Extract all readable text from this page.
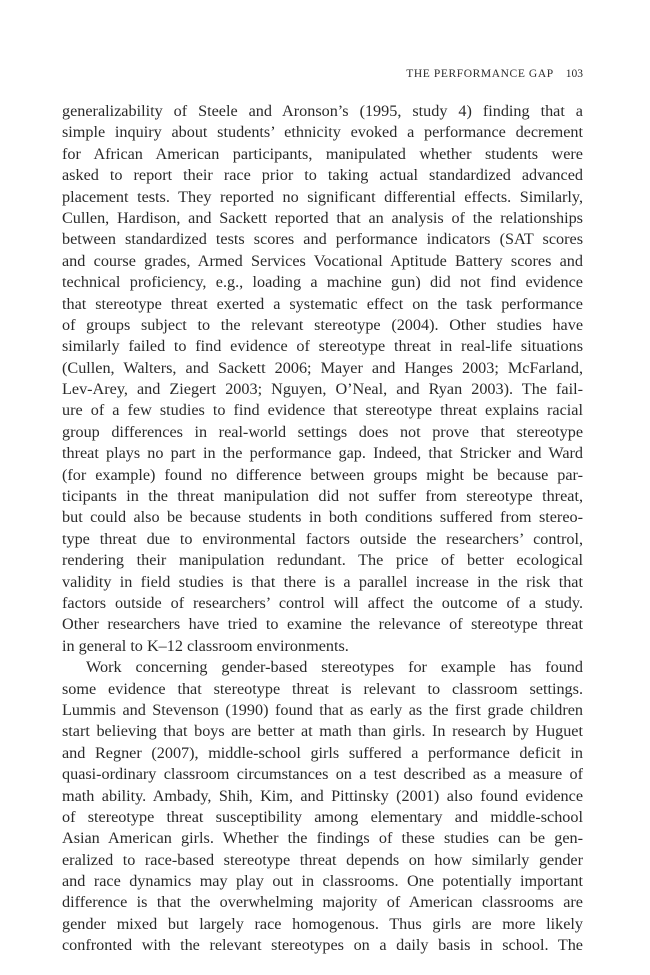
THE PERFORMANCE GAP 103
generalizability of Steele and Aronson’s (1995, study 4) finding that a
simple inquiry about students’ ethnicity evoked a performance decrement
for African American participants, manipulated whether students were
asked to report their race prior to taking actual standardized advanced
placement tests. They reported no significant differential effects. Similarly,
Cullen, Hardison, and Sackett reported that an analysis of the relationships
between standardized tests scores and performance indicators (SAT scores
and course grades, Armed Services Vocational Aptitude Battery scores and
technical proficiency, e.g., loading a machine gun) did not find evidence
that stereotype threat exerted a systematic effect on the task performance
of groups subject to the relevant stereotype (2004). Other studies have
similarly failed to find evidence of stereotype threat in real-life situations
(Cullen, Walters, and Sackett 2006; Mayer and Hanges 2003; McFarland,
Lev-Arey, and Ziegert 2003; Nguyen, O’Neal, and Ryan 2003). The fail-
ure of a few studies to find evidence that stereotype threat explains racial
group differences in real-world settings does not prove that stereotype
threat plays no part in the performance gap. Indeed, that Stricker and Ward
(for example) found no difference between groups might be because par-
ticipants in the threat manipulation did not suffer from stereotype threat,
but could also be because students in both conditions suffered from stereo-
type threat due to environmental factors outside the researchers’ control,
rendering their manipulation redundant. The price of better ecological
validity in field studies is that there is a parallel increase in the risk that
factors outside of researchers’ control will affect the outcome of a study.
Other researchers have tried to examine the relevance of stereotype threat
in general to K–12 classroom environments.
Work concerning gender-based stereotypes for example has found
some evidence that stereotype threat is relevant to classroom settings.
Lummis and Stevenson (1990) found that as early as the first grade children
start believing that boys are better at math than girls. In research by Huguet
and Regner (2007), middle-school girls suffered a performance deficit in
quasi-ordinary classroom circumstances on a test described as a measure of
math ability. Ambady, Shih, Kim, and Pittinsky (2001) also found evidence
of stereotype threat susceptibility among elementary and middle-school
Asian American girls. Whether the findings of these studies can be gen-
eralized to race-based stereotype threat depends on how similarly gender
and race dynamics may play out in classrooms. One potentially important
difference is that the overwhelming majority of American classrooms are
gender mixed but largely race homogenous. Thus girls are more likely
confronted with the relevant stereotypes on a daily basis in school. The
